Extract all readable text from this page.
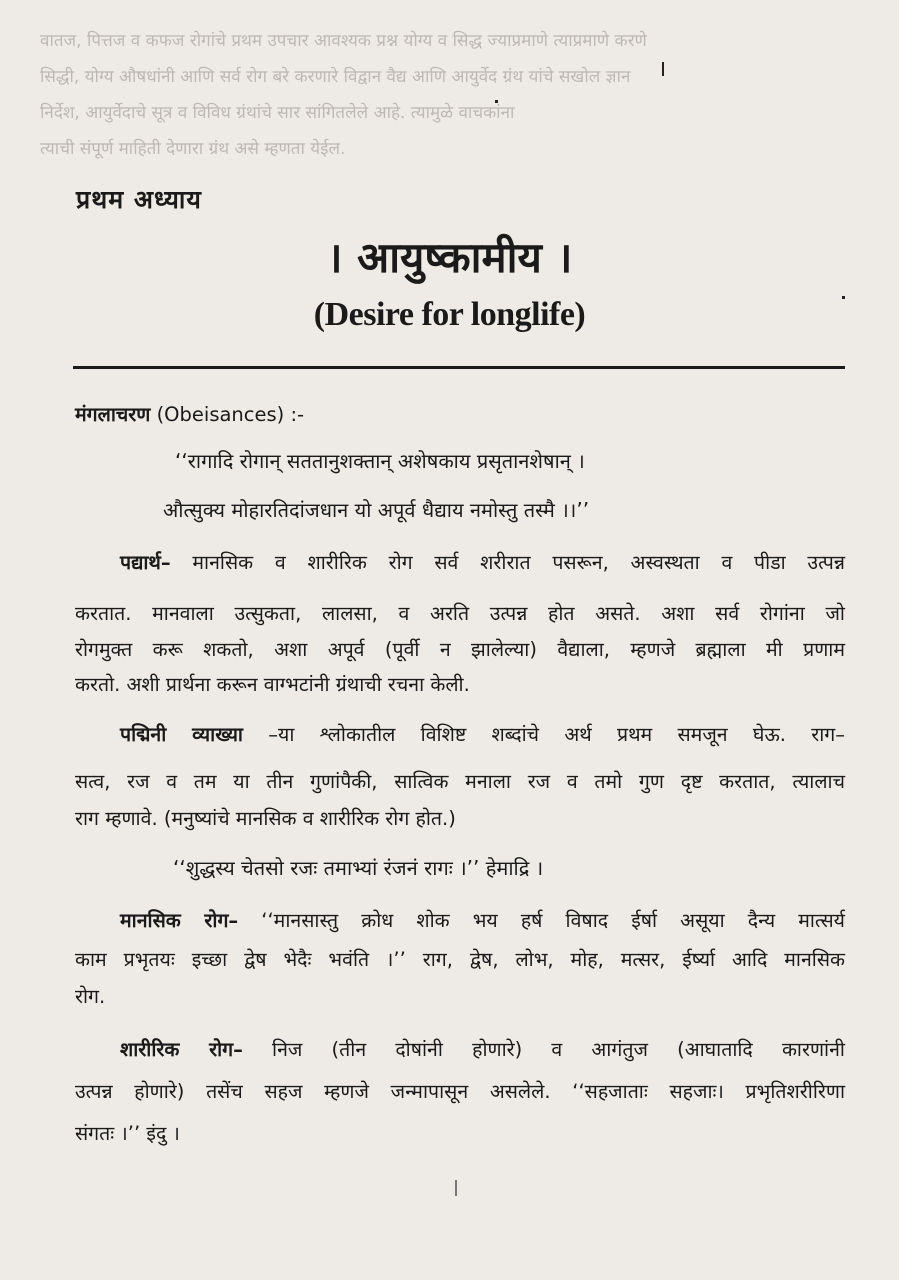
वातज, पित्तज व कफज रोगांचे प्रथम उपचार आवश्यक प्रश्न योग्य व सिद्ध ज्याप्रमाणे त्याप्रमाणे करणे
सिद्धी, योग्य औषधांनी आणि सर्व रोग बरे करणारे विद्वान वैद्य आणि आयुर्वेद ग्रंथ यांचे सखोल ज्ञान
निर्देश, आयुर्वेदाचे सूत्र व विविध ग्रंथांचे सार सांगितलेले आहे. त्यामुळे वाचकांना
त्याची संपूर्ण माहिती देणारा ग्रंथ असे म्हणता येईल.
प्रथम अध्याय
। आयुष्कामीय ।
(Desire for longlife)
मंगलाचरण (Obeisances) :-
‘‘रागादि रोगान् सततानुशक्तान् अशेषकाय प्रसृतानशेषान् ।
औत्सुक्य मोहारतिदांजधान यो अपूर्व धैद्याय नमोस्तु तस्मै ।।’’
पद्यार्थ– मानसिक व शारीरिक रोग सर्व शरीरात पसरून, अस्वस्थता व पीडा उत्पन्न
करतात. मानवाला उत्सुकता, लालसा, व अरति उत्पन्न होत असते. अशा सर्व रोगांना जो
रोगमुक्त करू शकतो, अशा अपूर्व (पूर्वी न झालेल्या) वैद्याला, म्हणजे ब्रह्माला मी प्रणाम
करतो. अशी प्रार्थना करून वाग्भटांनी ग्रंथाची रचना केली.
पद्मिनी व्याख्या –या श्लोकातील विशिष्ट शब्दांचे अर्थ प्रथम समजून घेऊ. राग–
सत्व, रज व तम या तीन गुणांपैकी, सात्विक मनाला रज व तमो गुण दृष्ट करतात, त्यालाच
राग म्हणावे. (मनुष्यांचे मानसिक व शारीरिक रोग होत.)
‘‘शुद्धस्य चेतसो रजः तमाभ्यां रंजनं रागः ।’’ हेमाद्रि ।
मानसिक रोग– ‘‘मानसास्तु क्रोध शोक भय हर्ष विषाद ईर्षा असूया दैन्य मात्सर्य
काम प्रभृतयः इच्छा द्वेष भेदैः भवंति ।’’ राग, द्वेष, लोभ, मोह, मत्सर, ईर्ष्या आदि मानसिक
रोग.
शारीरिक रोग– निज (तीन दोषांनी होणारे) व आगंतुज (आघातादि कारणांनी
उत्पन्न होणारे) तसेंच सहज म्हणजे जन्मापासून असलेले. ‘‘सहजाताः सहजाः। प्रभृतिशरीरिणा
संगतः ।’’ इंदु ।
